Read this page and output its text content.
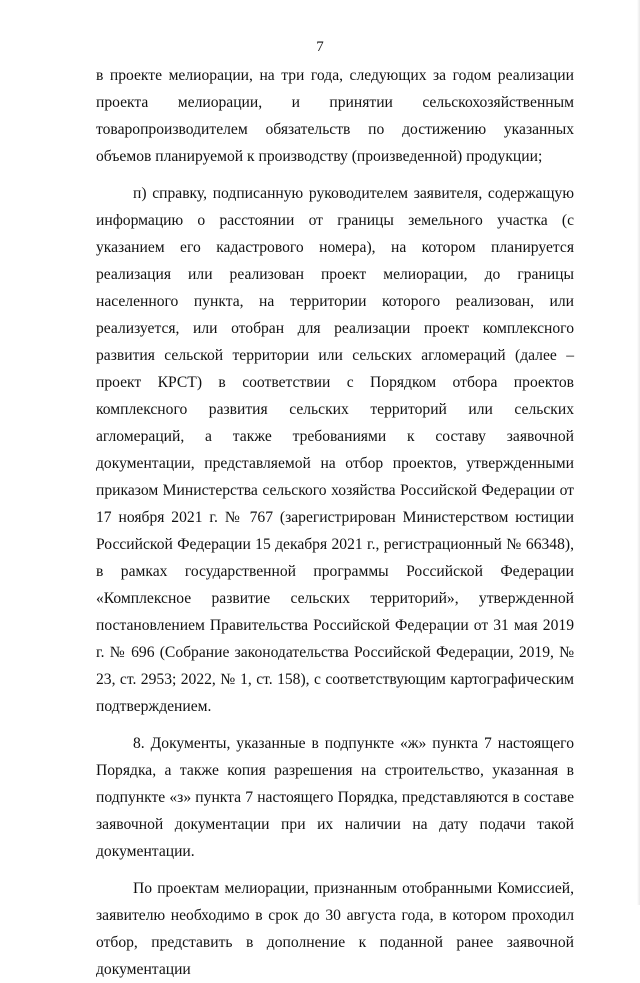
7

в проекте мелиорации, на три года, следующих за годом реализации проекта мелиорации, и принятии сельскохозяйственным товаропроизводителем обязательств по достижению указанных объемов планируемой к производству (произведенной) продукции;

п) справку, подписанную руководителем заявителя, содержащую информацию о расстоянии от границы земельного участка (с указанием его кадастрового номера), на котором планируется реализация или реализован проект мелиорации, до границы населенного пункта, на территории которого реализован, или реализуется, или отобран для реализации проект комплексного развития сельской территории или сельских агломераций (далее – проект КРСТ) в соответствии с Порядком отбора проектов комплексного развития сельских территорий или сельских агломераций, а также требованиями к составу заявочной документации, представляемой на отбор проектов, утвержденными приказом Министерства сельского хозяйства Российской Федерации от 17 ноября 2021 г. № 767 (зарегистрирован Министерством юстиции Российской Федерации 15 декабря 2021 г., регистрационный № 66348), в рамках государственной программы Российской Федерации «Комплексное развитие сельских территорий», утвержденной постановлением Правительства Российской Федерации от 31 мая 2019 г. № 696 (Собрание законодательства Российской Федерации, 2019, № 23, ст. 2953; 2022, № 1, ст. 158), с соответствующим картографическим подтверждением.

8. Документы, указанные в подпункте «ж» пункта 7 настоящего Порядка, а также копия разрешения на строительство, указанная в подпункте «з» пункта 7 настоящего Порядка, представляются в составе заявочной документации при их наличии на дату подачи такой документации.

По проектам мелиорации, признанным отобранными Комиссией, заявителю необходимо в срок до 30 августа года, в котором проходил отбор, представить в дополнение к поданной ранее заявочной документации
